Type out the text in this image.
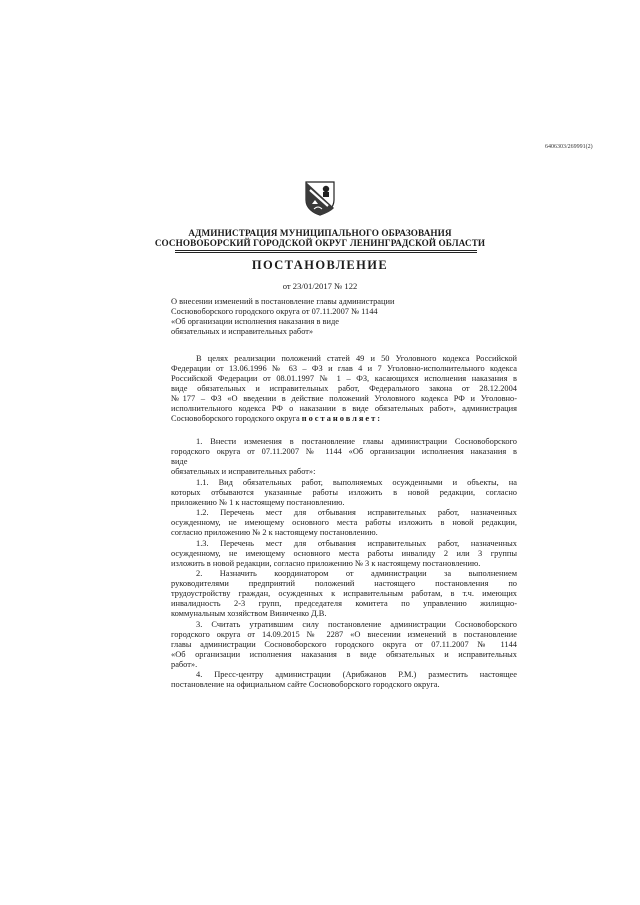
6406303/269991(2)
АДМИНИСТРАЦИЯ МУНИЦИПАЛЬНОГО ОБРАЗОВАНИЯ
СОСНОВОБОРСКИЙ ГОРОДСКОЙ ОКРУГ ЛЕНИНГРАДСКОЙ ОБЛАСТИ
ПОСТАНОВЛЕНИЕ
от 23/01/2017 № 122
О внесении изменений в постановление главы администрации
Сосновоборского городского округа от 07.11.2007 № 1144
«Об организации исполнения наказания в виде
обязательных и исправительных работ»
В целях реализации положений статей 49 и 50 Уголовного кодекса Российской
Федерации от 13.06.1996 № 63 – ФЗ и глав 4 и 7 Уголовно-исполнительного кодекса
Российской Федерации от 08.01.1997 № 1 – ФЗ, касающихся исполнения наказания в
виде обязательных и исправительных работ, Федерального закона от 28.12.2004
№177 – ФЗ «О введении в действие положений Уголовного кодекса РФ и Уголовно-
исполнительного кодекса РФ о наказании в виде обязательных работ», администрация
Сосновоборского городского округа постановляет:
1. Внести изменения в постановление главы администрации Сосновоборского
городского округа от 07.11.2007 № 1144 «Об организации исполнения наказания в
виде
обязательных и исправительных работ»:
1.1. Вид обязательных работ, выполняемых осужденными и объекты, на
которых отбываются указанные работы изложить в новой редакции, согласно
приложению № 1 к настоящему постановлению.
1.2. Перечень мест для отбывания исправительных работ, назначенных
осужденному, не имеющему основного места работы изложить в новой редакции,
согласно приложению № 2 к настоящему постановлению.
1.3. Перечень мест для отбывания исправительных работ, назначенных
осужденному, не имеющему основного места работы инвалиду 2 или 3 группы
изложить в новой редакции, согласно приложению № 3 к настоящему постановлению.
2. Назначить координатором от администрации за выполнением
руководителями предприятий положений настоящего постановления по
трудоустройству граждан, осужденных к исправительным работам, в т.ч. имеющих
инвалидность 2-3 групп, председателя комитета по управлению жилищно-
коммунальным хозяйством Виниченко Д.В.
3. Считать утратившим силу постановление администрации Сосновоборского
городского округа от 14.09.2015 № 2287 «О внесении изменений в постановление
главы администрации Сосновоборского городского округа от 07.11.2007 № 1144
«Об организации исполнения наказания в виде обязательных и исправительных
работ».
4. Пресс-центру администрации (Арибжанов Р.М.) разместить настоящее
постановление на официальном сайте Сосновоборского городского округа.
